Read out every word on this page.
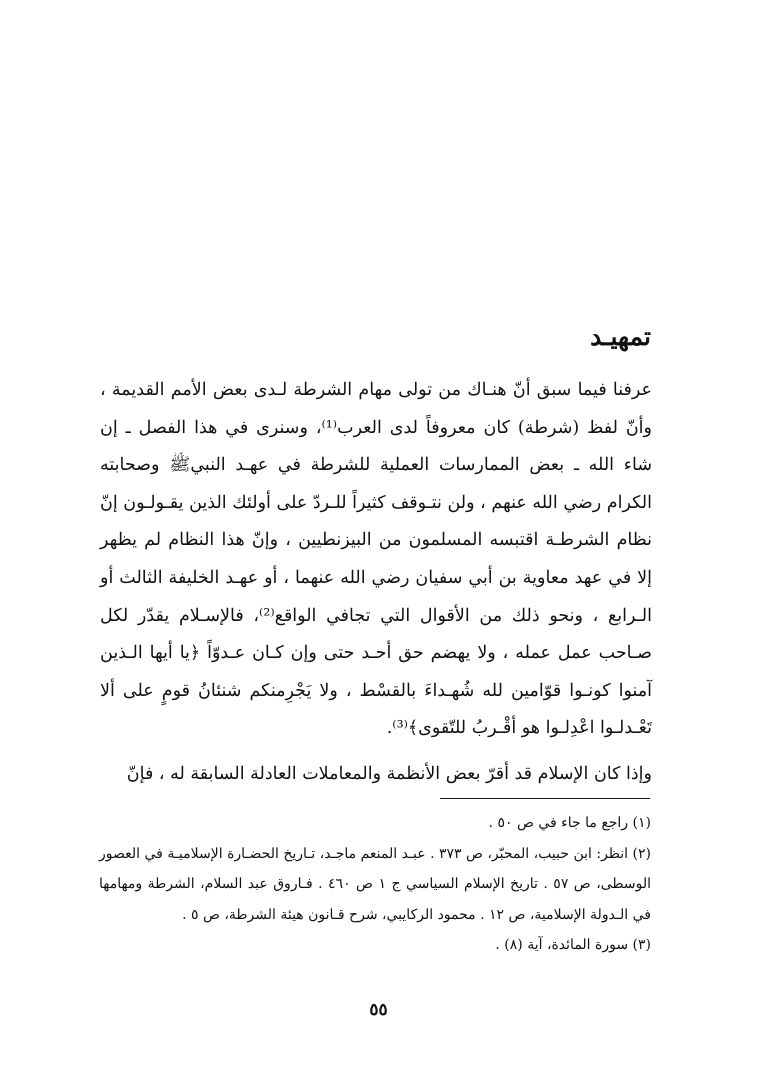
تمهيـد

عرفنا فيما سبق أنّ هنـاك من تولى مهام الشرطة لـدى بعض الأمم القديمة ، وأنّ لفظ (شرطة) كان معروفاً لدى العرب⁽¹⁾، وسنرى في هذا الفصل ـ إن شاء الله ـ بعض الممارسات العملية للشرطة في عهـد النبيﷺ وصحابته الكرام رضي الله عنهم ، ولن نتـوقف كثيراً للـردّ على أولئك الذين يقـولـون إنّ نظام الشرطـة اقتبسه المسلمون من البيزنطيين ، وإنّ هذا النظام لم يظهر إلا في عهد معاوية بن أبي سفيان رضي الله عنهما ، أو عهـد الخليفة الثالث أو الـرابع ، ونحو ذلك من الأقوال التي تجافي الواقع⁽²⁾، فالإسـلام يقدّر لكل صـاحب عمل عمله ، ولا يهضم حق أحـد حتى وإن كـان عـدوّاً ﴿يا أيها الـذين آمنوا كونـوا قوّامين لله شُهـداءَ بالقسْط ، ولا يَجْرِمنكم شنئانُ قومٍ على ألا تَعْـدلـوا اعْدِلـوا هو أقْـربُ للتّقوى﴾⁽³⁾.

وإذا كان الإسلام قد أقرّ بعض الأنظمة والمعاملات العادلة السابقة له ، فإنّ

(١) راجع ما جاء في ص ٥٠ .
(٢) انظر: ابن حبيب، المحبّر، ص ٣٧٣ . عبـد المنعم ماجـد، تـاريخ الحضـارة الإسلاميـة في العصور الوسطى، ص ٥٧ . تاريخ الإسلام السياسي ج ١ ص ٤٦٠ . فـاروق عبد السلام، الشرطة ومهامها في الـدولة الإسلامية، ص ١٢ . محمود الركايبي، شرح قـانون هيئة الشرطة، ص ٥ .
(٣) سورة المائدة، آية (٨) .
٥٥
